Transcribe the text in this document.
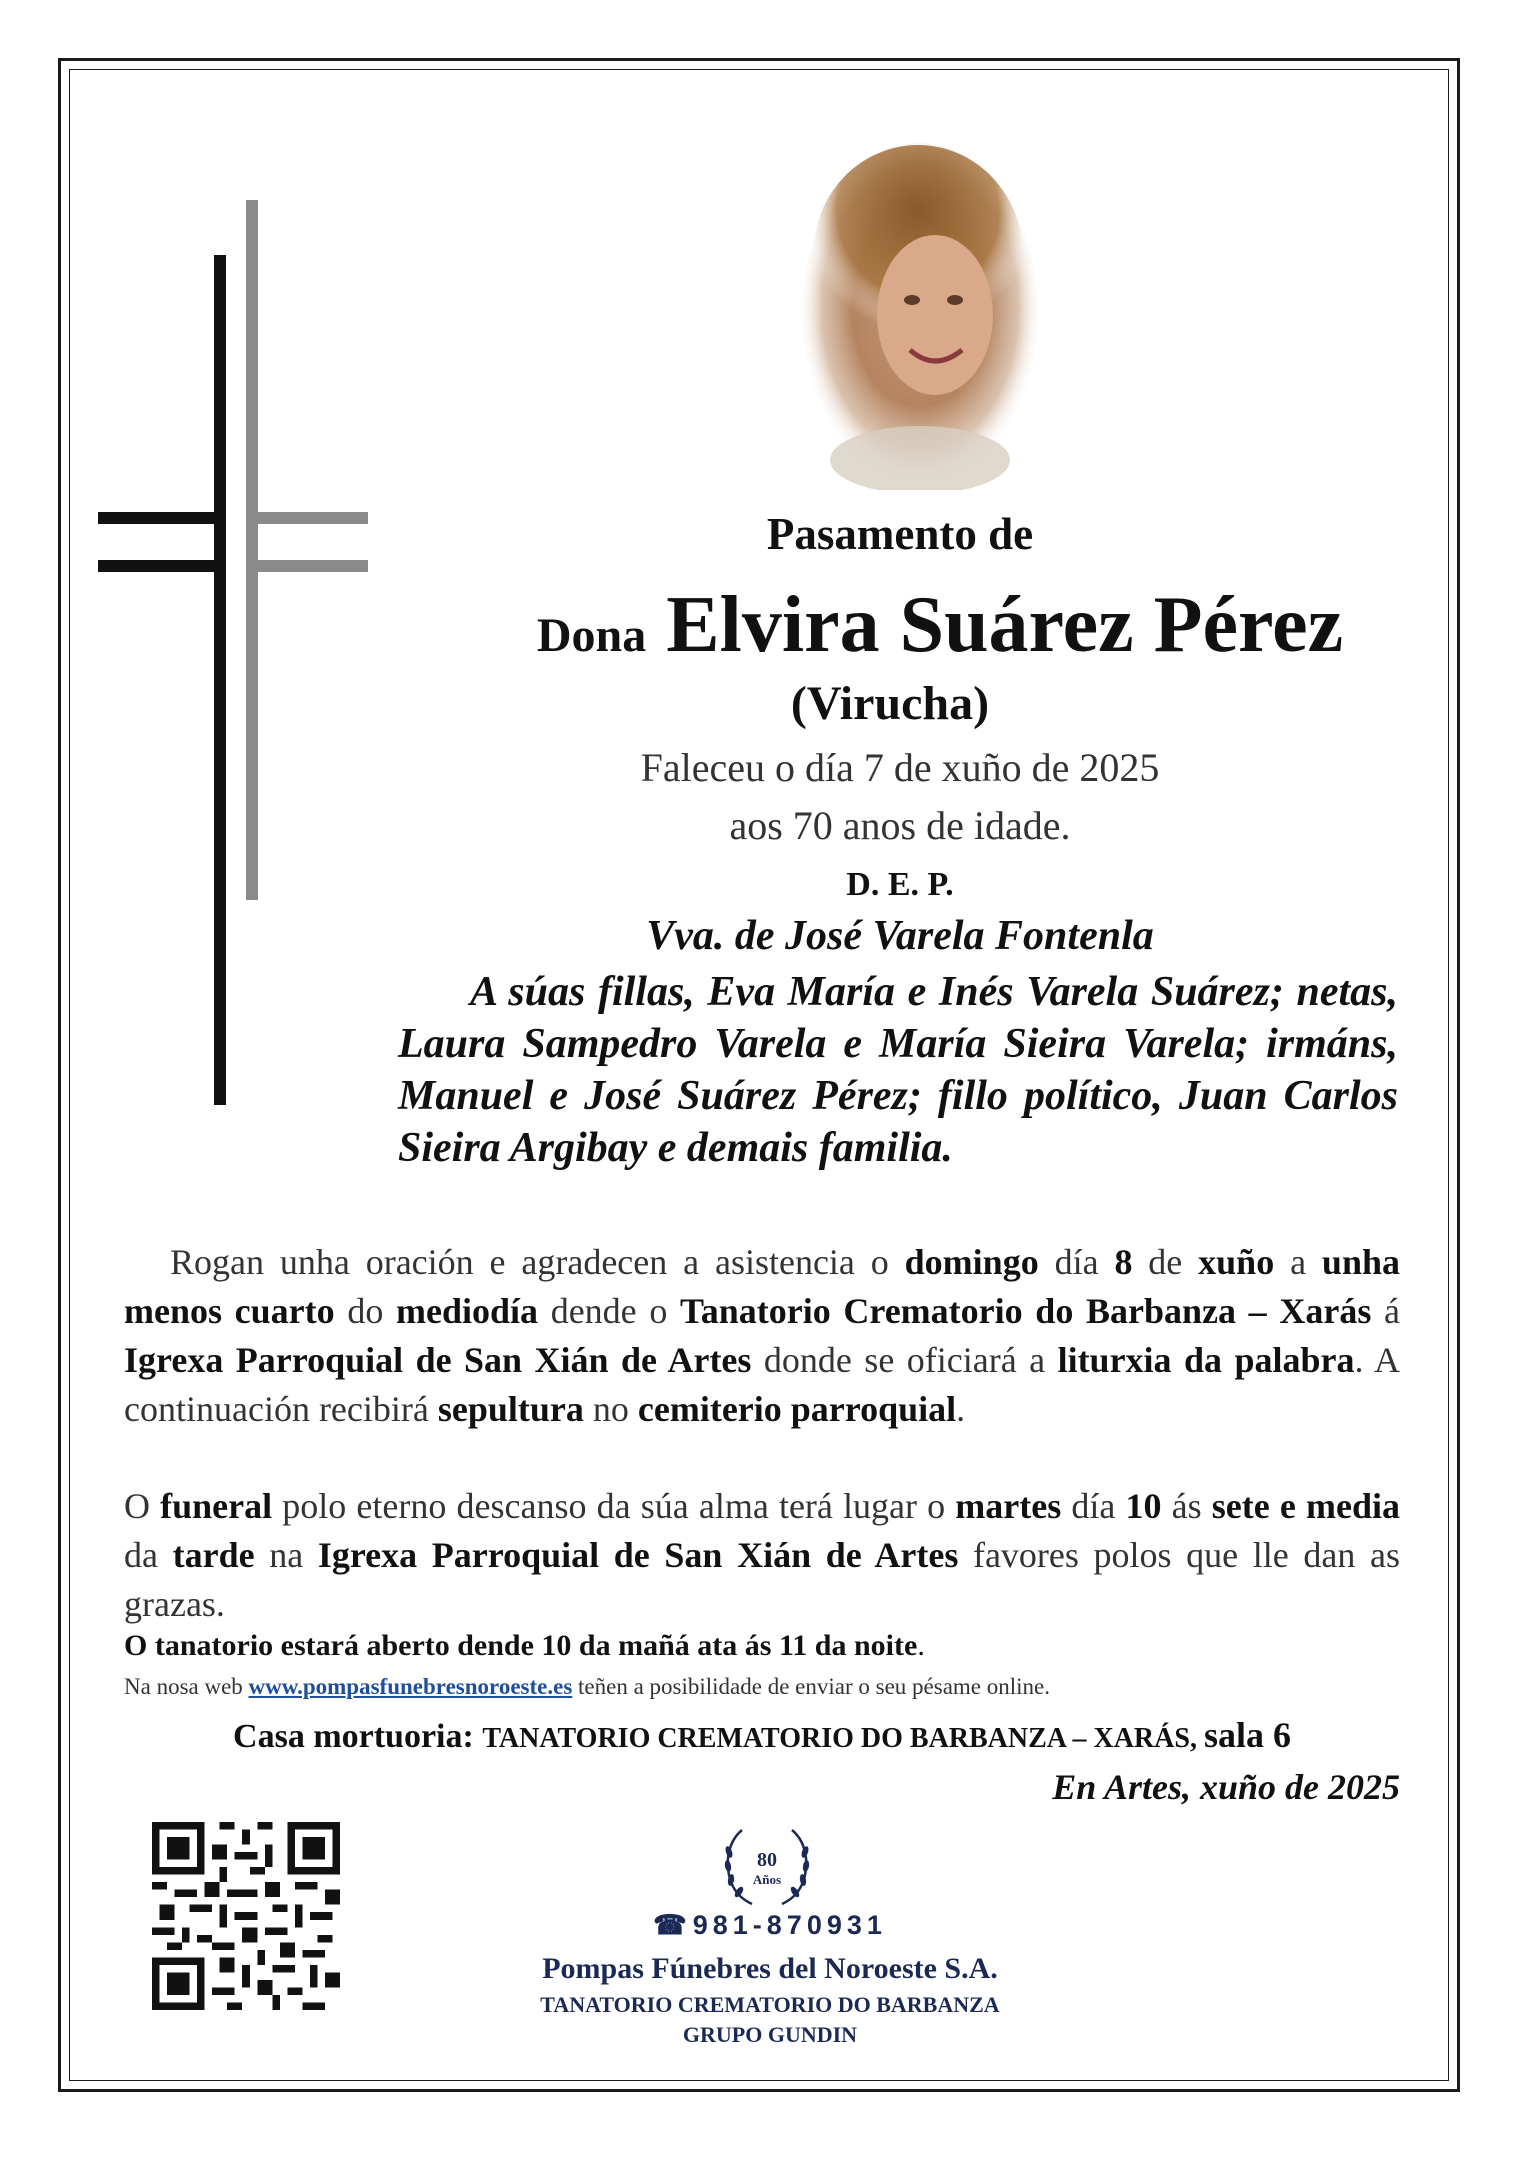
Pasamento de
Dona Elvira Suárez Pérez
(Virucha)
Faleceu o día 7 de xuño de 2025
aos 70 anos de idade.
D. E. P.
Vva. de José Varela Fontenla
A súas fillas, Eva María e Inés Varela Suárez; netas, Laura Sampedro Varela e María Sieira Varela; irmáns, Manuel e José Suárez Pérez; fillo político, Juan Carlos Sieira Argibay e demais familia.
Rogan unha oración e agradecen a asistencia o domingo día 8 de xuño a unha menos cuarto do mediodía dende o Tanatorio Crematorio do Barbanza – Xarás á Igrexa Parroquial de San Xián de Artes donde se oficiará a liturxia da palabra. A continuación recibirá sepultura no cemiterio parroquial.
O funeral polo eterno descanso da súa alma terá lugar o martes día 10 ás sete e media da tarde na Igrexa Parroquial de San Xián de Artes favores polos que lle dan as grazas.
O tanatorio estará aberto dende 10 da mañá ata ás 11 da noite.
Na nosa web www.pompasfunebresnoroeste.es teñen a posibilidade de enviar o seu pésame online.
Casa mortuoria: TANATORIO CREMATORIO DO BARBANZA – XARÁS, sala 6
En Artes, xuño de 2025
80
Años
☎ 981-870931
Pompas Fúnebres del Noroeste S.A.
TANATORIO CREMATORIO DO BARBANZA
GRUPO GUNDIN
